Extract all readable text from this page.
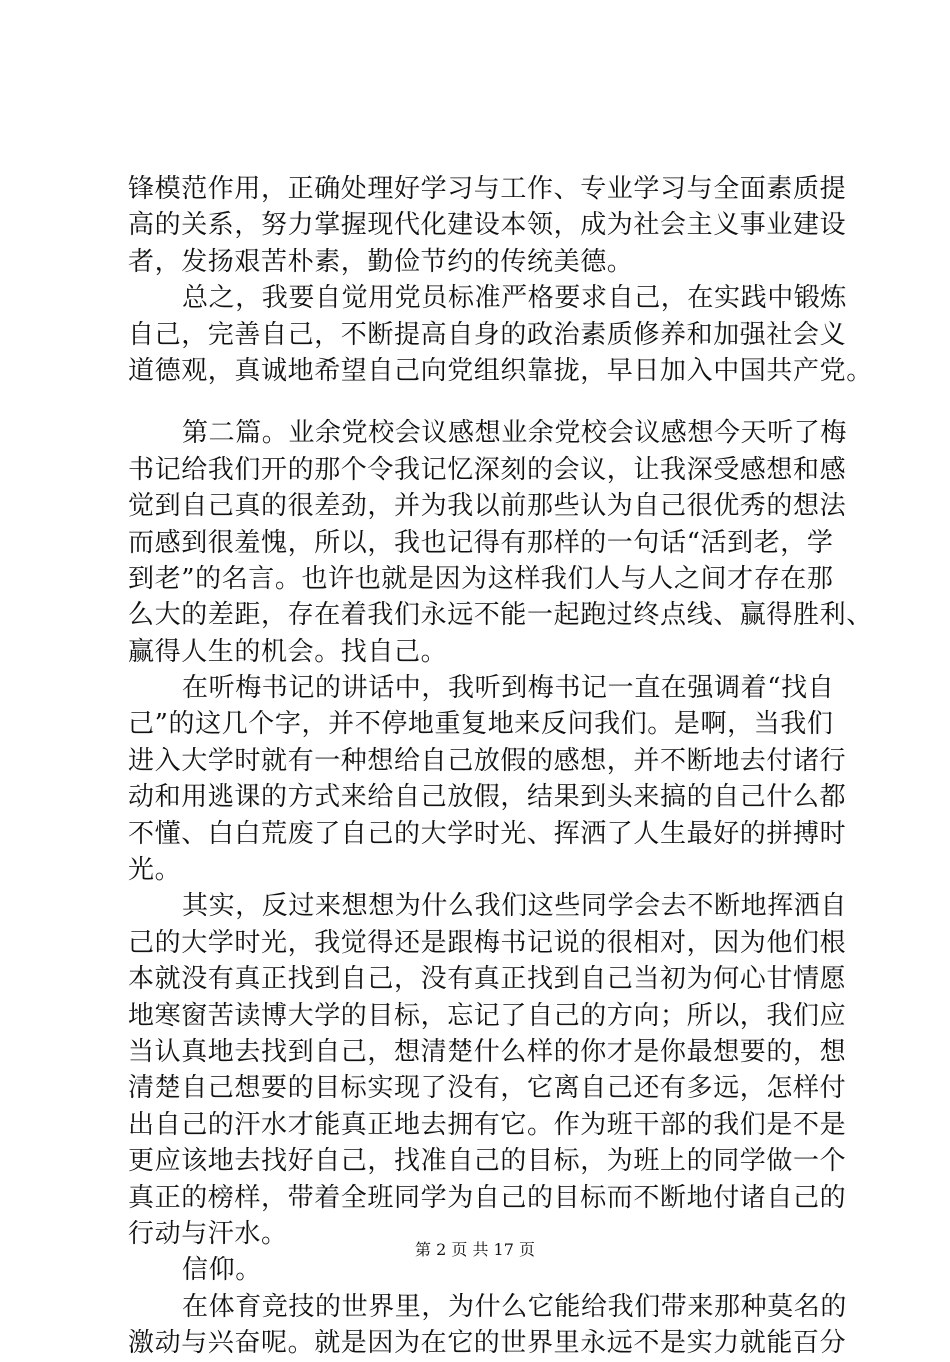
锋模范作用，正确处理好学习与工作、专业学习与全面素质提
高的关系，努力掌握现代化建设本领，成为社会主义事业建设
者，发扬艰苦朴素，勤俭节约的传统美德。
总之，我要自觉用党员标准严格要求自己，在实践中锻炼
自己，完善自己，不断提高自身的政治素质修养和加强社会义
道德观，真诚地希望自己向党组织靠拢，早日加入中国共产党。
第二篇。业余党校会议感想业余党校会议感想今天听了梅
书记给我们开的那个令我记忆深刻的会议，让我深受感想和感
觉到自己真的很差劲，并为我以前那些认为自己很优秀的想法
而感到很羞愧，所以，我也记得有那样的一句话“活到老，学
到老”的名言。也许也就是因为这样我们人与人之间才存在那
么大的差距，存在着我们永远不能一起跑过终点线、赢得胜利、
赢得人生的机会。找自己。
在听梅书记的讲话中，我听到梅书记一直在强调着“找自
己”的这几个字，并不停地重复地来反问我们。是啊，当我们
进入大学时就有一种想给自己放假的感想，并不断地去付诸行
动和用逃课的方式来给自己放假，结果到头来搞的自己什么都
不懂、白白荒废了自己的大学时光、挥洒了人生最好的拼搏时
光。
其实，反过来想想为什么我们这些同学会去不断地挥洒自
己的大学时光，我觉得还是跟梅书记说的很相对，因为他们根
本就没有真正找到自己，没有真正找到自己当初为何心甘情愿
地寒窗苦读博大学的目标，忘记了自己的方向；所以，我们应
当认真地去找到自己，想清楚什么样的你才是你最想要的，想
清楚自己想要的目标实现了没有，它离自己还有多远，怎样付
出自己的汗水才能真正地去拥有它。作为班干部的我们是不是
更应该地去找好自己，找准自己的目标，为班上的同学做一个
真正的榜样，带着全班同学为自己的目标而不断地付诸自己的
行动与汗水。
信仰。
在体育竞技的世界里，为什么它能给我们带来那种莫名的
激动与兴奋呢。就是因为在它的世界里永远不是实力就能百分
第 2 页 共 17 页
